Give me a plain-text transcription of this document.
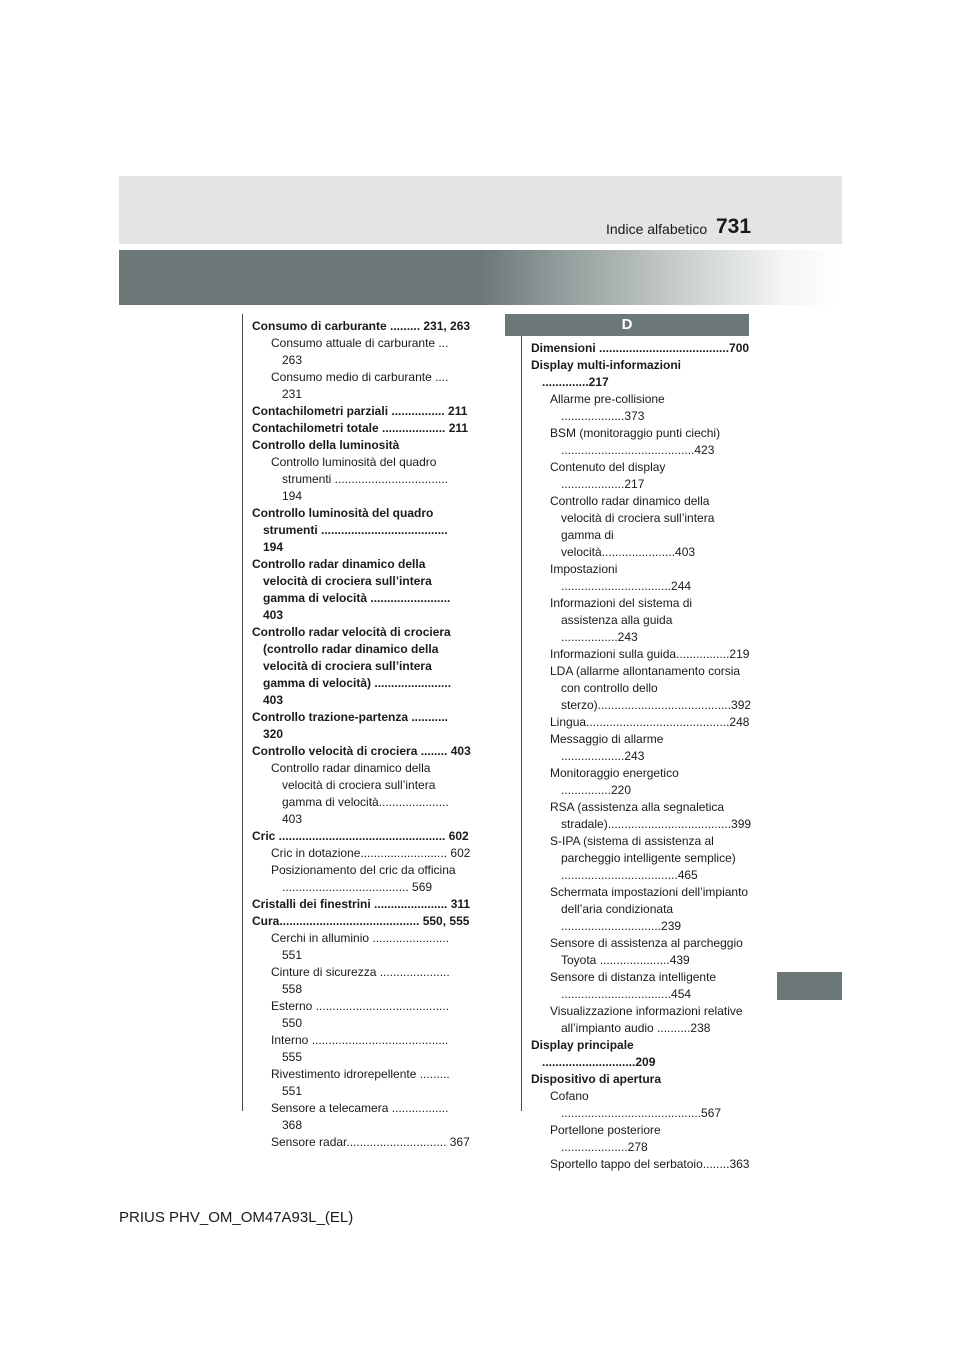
731
Indice alfabetico
Consumo di carburante ......... 231, 263
Consumo attuale di carburante ... 263
Consumo medio di carburante .... 231
Contachilometri parziali ................ 211
Contachilometri totale ................... 211
Controllo della luminosità
Controllo luminosità del quadro strumenti .................................. 194
Controllo luminosità del quadro strumenti ...................................... 194
Controllo radar dinamico della velocità di crociera sull’intera gamma di velocità ........................ 403
Controllo radar velocità di crociera (controllo radar dinamico della velocità di crociera sull’intera gamma di velocità) ....................... 403
Controllo trazione-partenza ........... 320
Controllo velocità di crociera ........ 403
Controllo radar dinamico della velocità di crociera sull’intera gamma di velocità..................... 403
Cric .................................................. 602
Cric in dotazione.......................... 602
Posizionamento del cric da officina ...................................... 569
Cristalli dei finestrini ...................... 311
Cura.......................................... 550, 555
Cerchi in alluminio ....................... 551
Cinture di sicurezza ..................... 558
Esterno ........................................ 550
Interno ......................................... 555
Rivestimento idrorepellente ......... 551
Sensore a telecamera ................. 368
Sensore radar.............................. 367
D
Dimensioni .......................................700
Display multi-informazioni ..............217
Allarme pre-collisione ...................373
BSM (monitoraggio punti ciechi) ........................................423
Contenuto del display ...................217
Controllo radar dinamico della velocità di crociera sull’intera gamma di velocità......................403
Impostazioni .................................244
Informazioni del sistema di assistenza alla guida .................243
Informazioni sulla guida................219
LDA (allarme allontanamento corsia con controllo dello sterzo)........................................392
Lingua...........................................248
Messaggio di allarme ...................243
Monitoraggio energetico ...............220
RSA (assistenza alla segnaletica stradale).....................................399
S-IPA (sistema di assistenza al parcheggio intelligente semplice) ...................................465
Schermata impostazioni dell’impianto dell’aria condizionata ..............................239
Sensore di assistenza al parcheggio Toyota .....................439
Sensore di distanza intelligente .................................454
Visualizzazione informazioni relative all’impianto audio ..........238
Display principale ............................209
Dispositivo di apertura
Cofano ..........................................567
Portellone posteriore ....................278
Sportello tappo del serbatoio........363
PRIUS PHV_OM_OM47A93L_(EL)
